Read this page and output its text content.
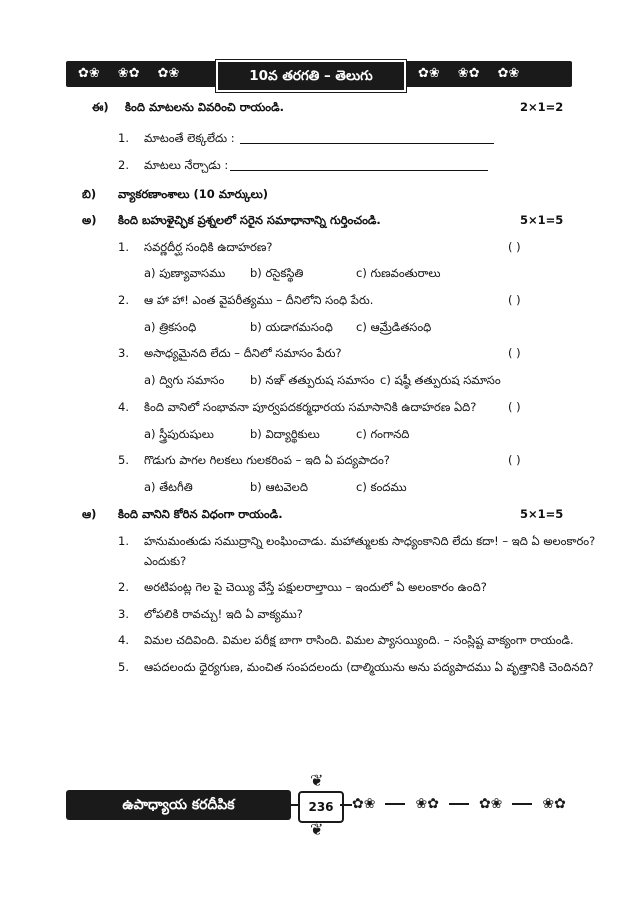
✿❀ ❀✿ ✿❀	10వ తరగతి – తెలుగు	✿❀ ❀✿ ✿❀
ఈ) కింది మాటలను వివరించి రాయండి.	2×1=2
1. మాటంతే లెక్కలేదు :
2. మాటలు నేర్చాడు :
బి) వ్యాకరణాంశాలు (10 మార్కులు)
అ) కింది బహుళైచ్ఛిక ప్రశ్నలలో సరైన సమాధానాన్ని గుర్తించండి.	5×1=5
1. సవర్ణదీర్ఘ సంధికి ఉదాహరణ?	( )
a) పుణ్యావాసము b) రసైకస్థితి	c) గుణవంతురాలు
2. ఆ హా హా! ఎంత వైపరీత్యము – దీనిలోని సంధి పేరు.	( )
a) త్రికసంధి	b) యడాగమసంధి c) ఆమ్రేడితసంధి
3. అసాధ్యమైనది లేదు – దీనిలో సమాసం పేరు?	( )
a) ద్విగు సమాసం b) నఞ్ తత్పురుష సమాసం c) షష్ఠీ తత్పురుష సమాసం
4. కింది వానిలో సంభావనా పూర్వపదకర్మధారయ సమాసానికి ఉదాహరణ ఏది?	( )
a) స్త్రీపురుషులు	b) విద్యార్థికులు	c) గంగానది
5. గొడుగు పాగల గిలకలు గులకరింప – ఇది ఏ పద్యపాదం?	( )
a) తేటగీతి	b) ఆటవెలది	c) కందము
ఆ) కింది వానిని కోరిన విధంగా రాయండి.	5×1=5
1. హనుమంతుడు సముద్రాన్ని లంఘించాడు. మహాత్ములకు సాధ్యంకానిది లేదు కదా! – ఇది ఏ అలంకారం?
ఎందుకు?
2. అరటిపంట్ల గెల పై చెయ్యి వేస్తే పక్షులరాల్తాయి – ఇందులో ఏ అలంకారం ఉంది?
3. లోపలికి రావచ్చు! ఇది ఏ వాక్యము?
4. విమల చదివింది. విమల పరీక్ష బాగా రాసింది. విమల ప్యాసయ్యింది. – సంస్లిష్ట వాక్యంగా రాయండి.
5. ఆపదలందు ధైర్యగుణ, మంచిత సంపదలందు (దాల్మియును అను పద్యపాదము ఏ వృత్తానికి చెందినది?
ఉపాధ్యాయ కరదీపిక	236
❦
❦
✿❀	❀✿	✿❀	❀✿
